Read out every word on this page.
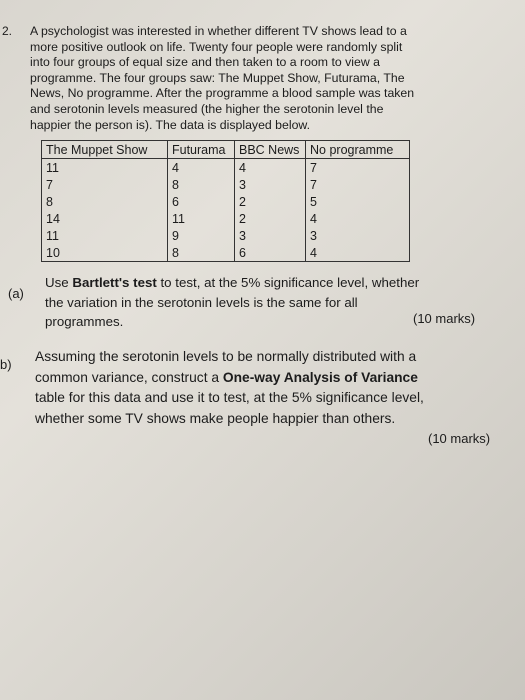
2. A psychologist was interested in whether different TV shows lead to a
more positive outlook on life. Twenty four people were randomly split
into four groups of equal size and then taken to a room to view a
programme. The four groups saw: The Muppet Show, Futurama, The
News, No programme. After the programme a blood sample was taken
and serotonin levels measured (the higher the serotonin level the
happier the person is). The data is displayed below.
The Muppet Show	Futurama	BBC News	No programme
11	4	4	7
7	8	3	7
8	6	2	5
14	11	2	4
11	9	3	3
10	8	6	4
(a)
Use Bartlett's test to test, at the 5% significance level, whether
the variation in the serotonin levels is the same for all
programmes.	(10 marks)
b)
Assuming the serotonin levels to be normally distributed with a
common variance, construct a One-way Analysis of Variance
table for this data and use it to test, at the 5% significance level,
whether some TV shows make people happier than others.
(10 marks)
